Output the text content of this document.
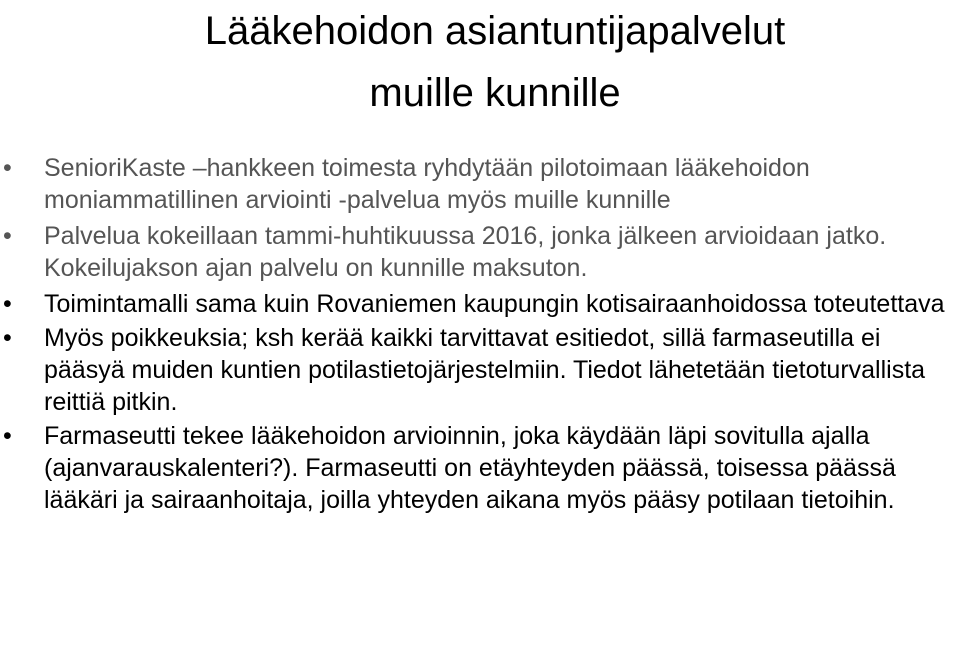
Lääkehoidon asiantuntijapalvelut
muille kunnille
• SenioriKaste –hankkeen toimesta ryhdytään pilotoimaan lääkehoidon moniammatillinen arviointi -palvelua myös muille kunnille
• Palvelua kokeillaan tammi-huhtikuussa 2016, jonka jälkeen arvioidaan jatko. Kokeilujakson ajan palvelu on kunnille maksuton.
• Toimintamalli sama kuin Rovaniemen kaupungin kotisairaanhoidossa toteutettava
• Myös poikkeuksia; ksh kerää kaikki tarvittavat esitiedot, sillä farmaseutilla ei pääsyä muiden kuntien potilastietojärjestelmiin. Tiedot lähetetään tietoturvallista reittiä pitkin.
• Farmaseutti tekee lääkehoidon arvioinnin, joka käydään läpi sovitulla ajalla (ajanvarauskalenteri?). Farmaseutti on etäyhteyden päässä, toisessa päässä lääkäri ja sairaanhoitaja, joilla yhteyden aikana myös pääsy potilaan tietoihin.
